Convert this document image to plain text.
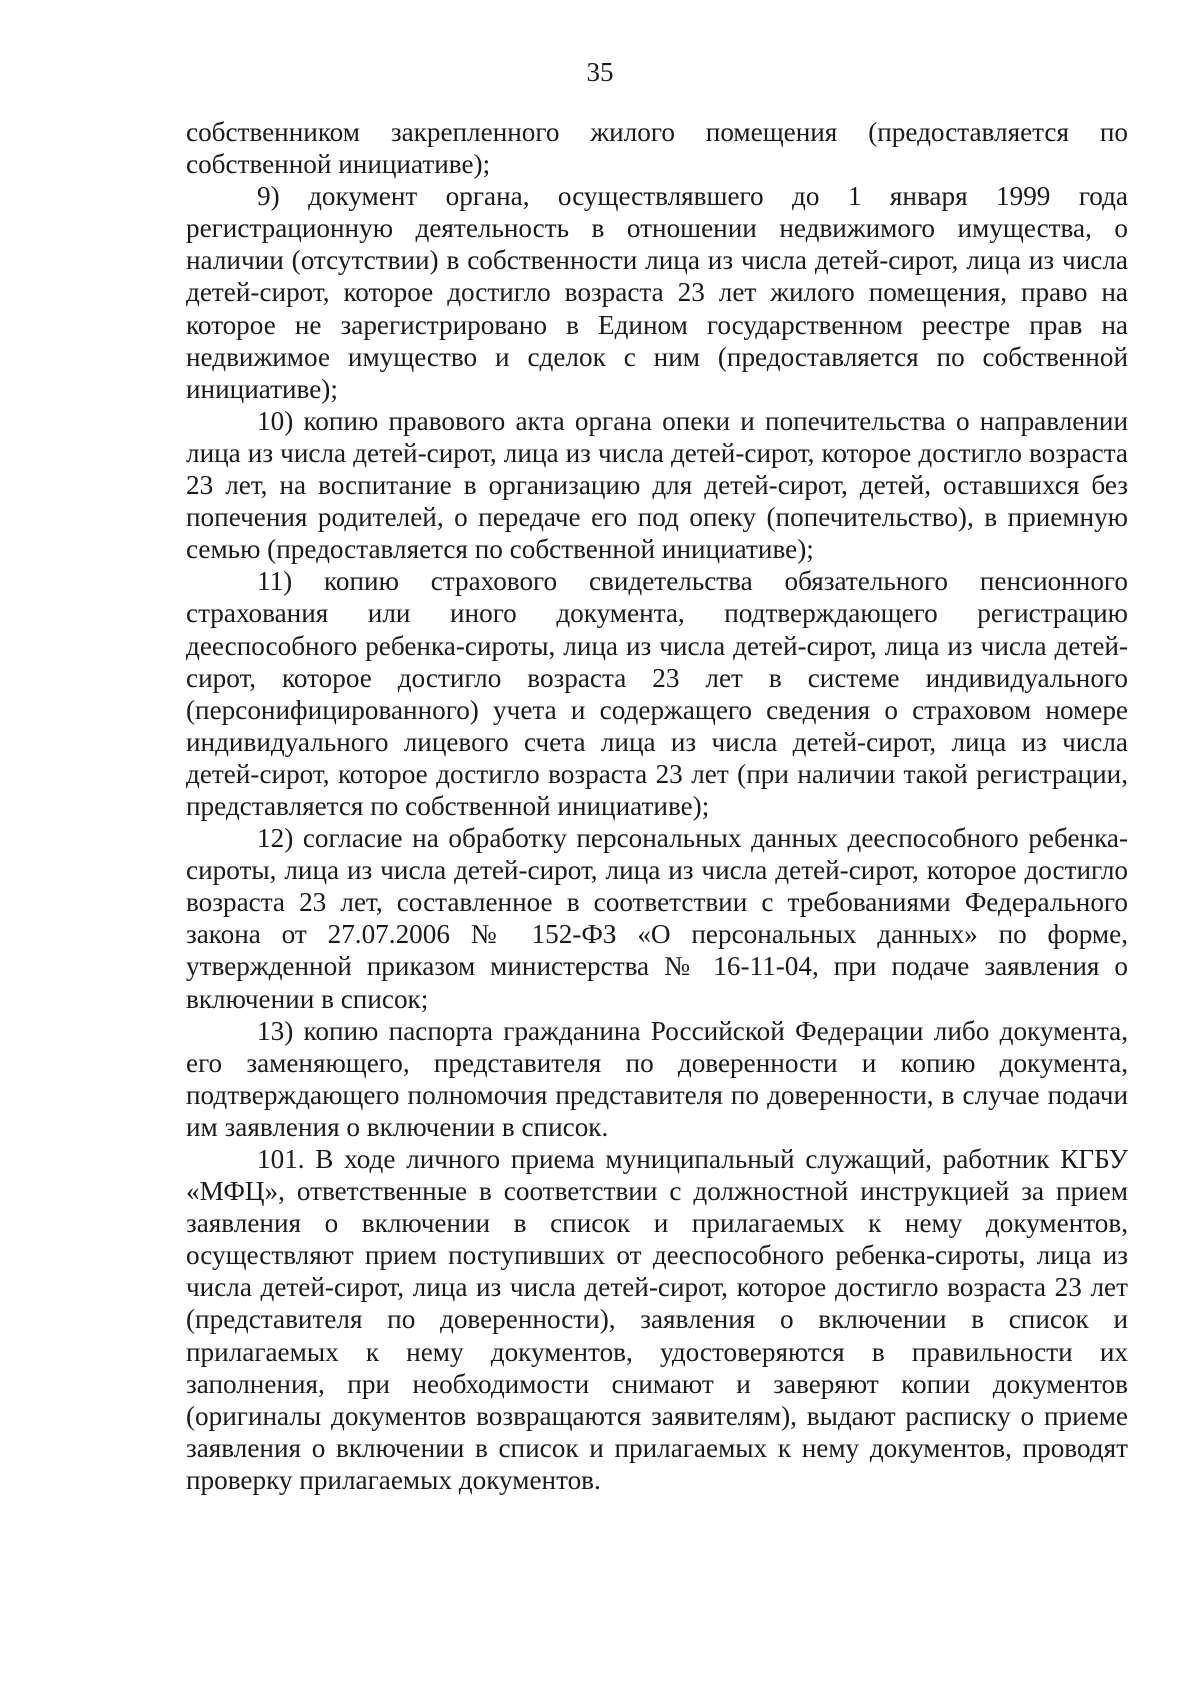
35

собственником закрепленного жилого помещения (предоставляется по собственной инициативе);

9) документ органа, осуществлявшего до 1 января 1999 года регистрационную деятельность в отношении недвижимого имущества, о наличии (отсутствии) в собственности лица из числа детей-сирот, лица из числа детей-сирот, которое достигло возраста 23 лет жилого помещения, право на которое не зарегистрировано в Едином государственном реестре прав на недвижимое имущество и сделок с ним (предоставляется по собственной инициативе);

10) копию правового акта органа опеки и попечительства о направлении лица из числа детей-сирот, лица из числа детей-сирот, которое достигло возраста 23 лет, на воспитание в организацию для детей-сирот, детей, оставшихся без попечения родителей, о передаче его под опеку (попечительство), в приемную семью (предоставляется по собственной инициативе);

11) копию страхового свидетельства обязательного пенсионного страхования или иного документа, подтверждающего регистрацию дееспособного ребенка-сироты, лица из числа детей-сирот, лица из числа детей-сирот, которое достигло возраста 23 лет в системе индивидуального (персонифицированного) учета и содержащего сведения о страховом номере индивидуального лицевого счета лица из числа детей-сирот, лица из числа детей-сирот, которое достигло возраста 23 лет (при наличии такой регистрации, представляется по собственной инициативе);

12) согласие на обработку персональных данных дееспособного ребенка-сироты, лица из числа детей-сирот, лица из числа детей-сирот, которое достигло возраста 23 лет, составленное в соответствии с требованиями Федерального закона от 27.07.2006 № 152-ФЗ «О персональных данных» по форме, утвержденной приказом министерства № 16-11-04, при подаче заявления о включении в список;

13) копию паспорта гражданина Российской Федерации либо документа, его заменяющего, представителя по доверенности и копию документа, подтверждающего полномочия представителя по доверенности, в случае подачи им заявления о включении в список.

101. В ходе личного приема муниципальный служащий, работник КГБУ «МФЦ», ответственные в соответствии с должностной инструкцией за прием заявления о включении в список и прилагаемых к нему документов, осуществляют прием поступивших от дееспособного ребенка-сироты, лица из числа детей-сирот, лица из числа детей-сирот, которое достигло возраста 23 лет (представителя по доверенности), заявления о включении в список и прилагаемых к нему документов, удостоверяются в правильности их заполнения, при необходимости снимают и заверяют копии документов (оригиналы документов возвращаются заявителям), выдают расписку о приеме заявления о включении в список и прилагаемых к нему документов, проводят проверку прилагаемых документов.
